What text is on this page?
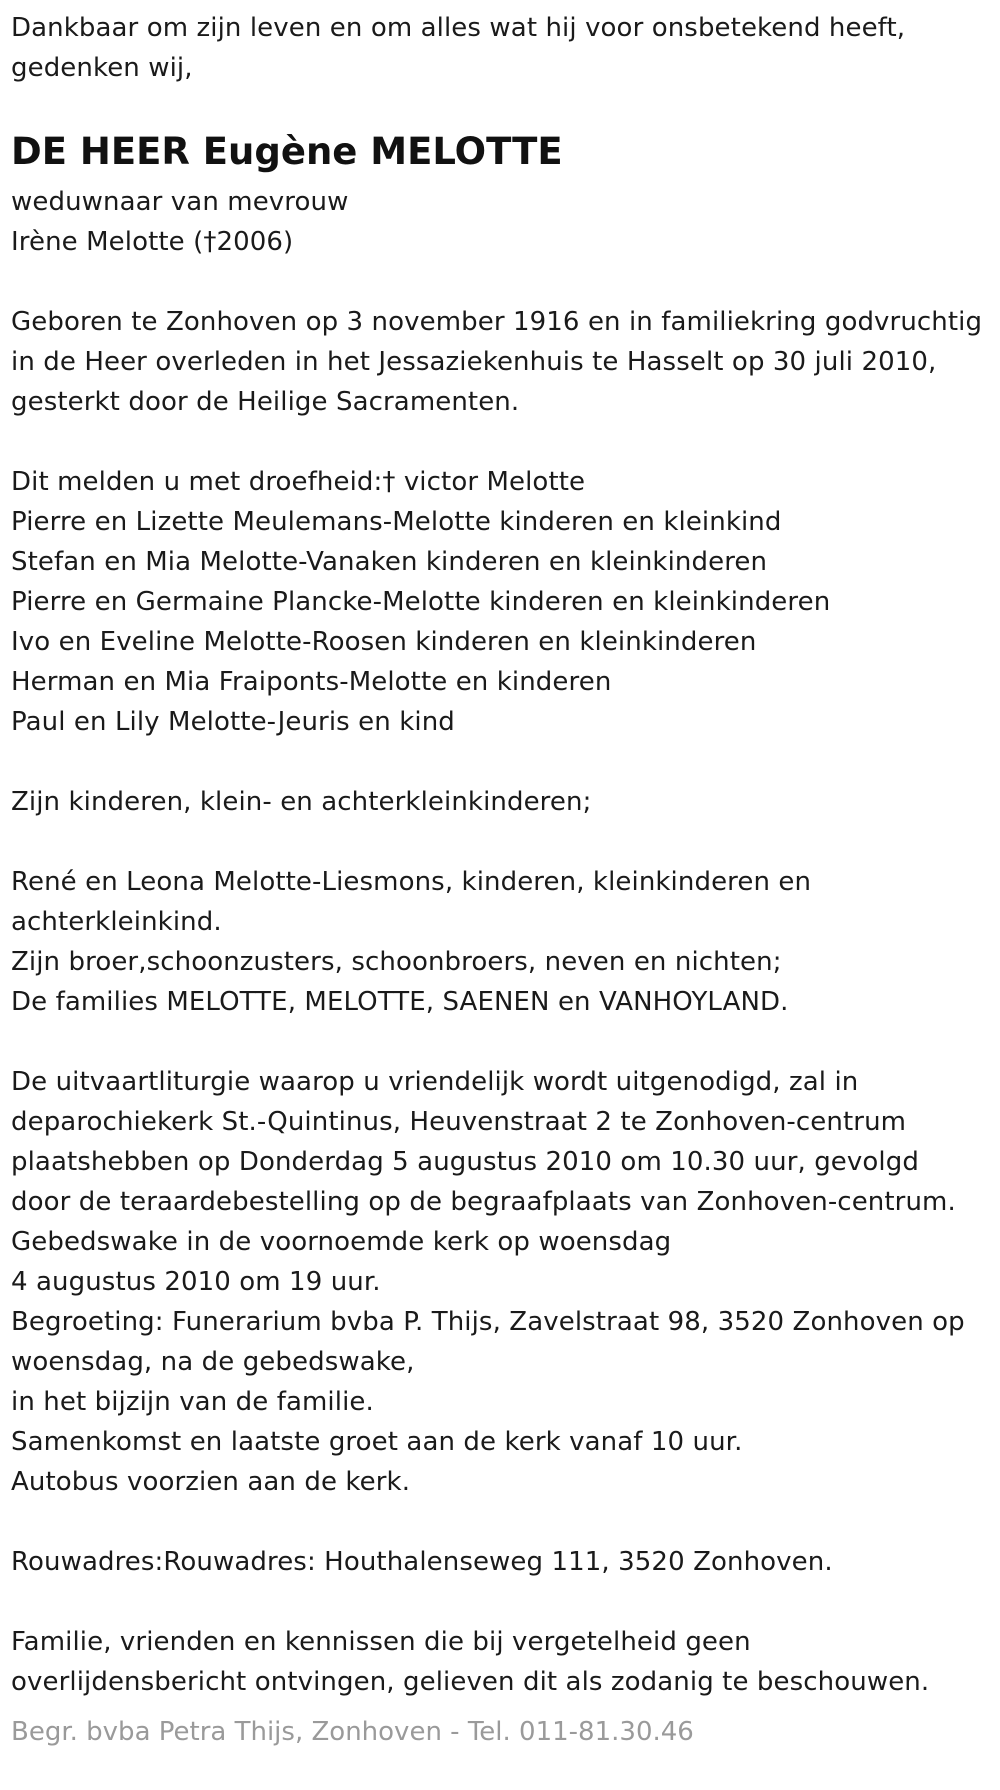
Dankbaar om zijn leven en om alles wat hij voor onsbetekend heeft,
gedenken wij,
DE HEER Eugène MELOTTE
weduwnaar van mevrouw
Irène Melotte (†2006)
Geboren te Zonhoven op 3 november 1916 en in familiekring godvruchtig
in de Heer overleden in het Jessaziekenhuis te Hasselt op 30 juli 2010,
gesterkt door de Heilige Sacramenten.
Dit melden u met droefheid:† victor Melotte
Pierre en Lizette Meulemans-Melotte kinderen en kleinkind
Stefan en Mia Melotte-Vanaken kinderen en kleinkinderen
Pierre en Germaine Plancke-Melotte kinderen en kleinkinderen
Ivo en Eveline Melotte-Roosen kinderen en kleinkinderen
Herman en Mia Fraiponts-Melotte en kinderen
Paul en Lily Melotte-Jeuris en kind
Zijn kinderen, klein- en achterkleinkinderen;
René en Leona Melotte-Liesmons, kinderen, kleinkinderen en
achterkleinkind.
Zijn broer,schoonzusters, schoonbroers, neven en nichten;
De families MELOTTE, MELOTTE, SAENEN en VANHOYLAND.
De uitvaartliturgie waarop u vriendelijk wordt uitgenodigd, zal in
deparochiekerk St.-Quintinus, Heuvenstraat 2 te Zonhoven-centrum
plaatshebben op Donderdag 5 augustus 2010 om 10.30 uur, gevolgd
door de teraardebestelling op de begraafplaats van Zonhoven-centrum.
Gebedswake in de voornoemde kerk op woensdag
4 augustus 2010 om 19 uur.
Begroeting: Funerarium bvba P. Thijs, Zavelstraat 98, 3520 Zonhoven op
woensdag, na de gebedswake,
in het bijzijn van de familie.
Samenkomst en laatste groet aan de kerk vanaf 10 uur.
Autobus voorzien aan de kerk.
Rouwadres:Rouwadres: Houthalenseweg 111, 3520 Zonhoven.
Familie, vrienden en kennissen die bij vergetelheid geen
overlijdensbericht ontvingen, gelieven dit als zodanig te beschouwen.
Begr. bvba Petra Thijs, Zonhoven - Tel. 011-81.30.46
